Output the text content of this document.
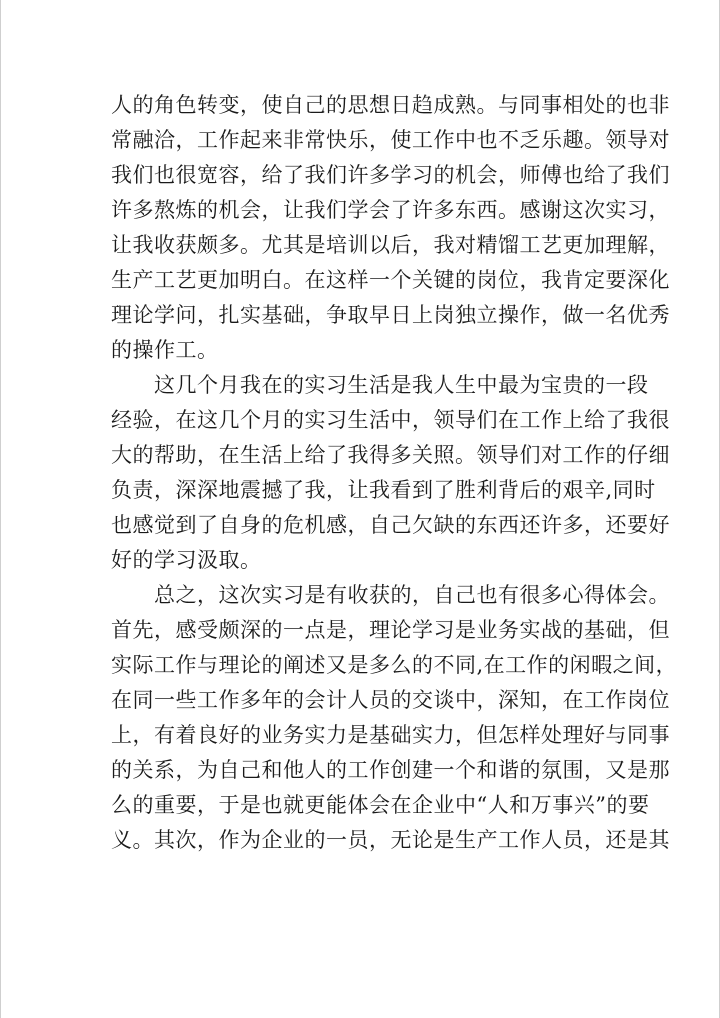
人的角色转变，使自己的思想日趋成熟。与同事相处的也非
常融洽，工作起来非常快乐，使工作中也不乏乐趣。领导对
我们也很宽容，给了我们许多学习的机会，师傅也给了我们
许多熬炼的机会，让我们学会了许多东西。感谢这次实习，
让我收获颇多。尤其是培训以后，我对精馏工艺更加理解，
生产工艺更加明白。在这样一个关键的岗位，我肯定要深化
理论学问，扎实基础，争取早日上岗独立操作，做一名优秀
的操作工。
　　这几个月我在的实习生活是我人生中最为宝贵的一段
经验，在这几个月的实习生活中，领导们在工作上给了我很
大的帮助，在生活上给了我得多关照。领导们对工作的仔细
负责，深深地震撼了我，让我看到了胜利背后的艰辛,同时
也感觉到了自身的危机感，自己欠缺的东西还许多，还要好
好的学习汲取。
　　总之，这次实习是有收获的，自己也有很多心得体会。
首先，感受颇深的一点是，理论学习是业务实战的基础，但
实际工作与理论的阐述又是多么的不同,在工作的闲暇之间，
在同一些工作多年的会计人员的交谈中，深知，在工作岗位
上，有着良好的业务实力是基础实力，但怎样处理好与同事
的关系，为自己和他人的工作创建一个和谐的氛围，又是那
么的重要，于是也就更能体会在企业中“人和万事兴”的要
义。其次，作为企业的一员，无论是生产工作人员，还是其
